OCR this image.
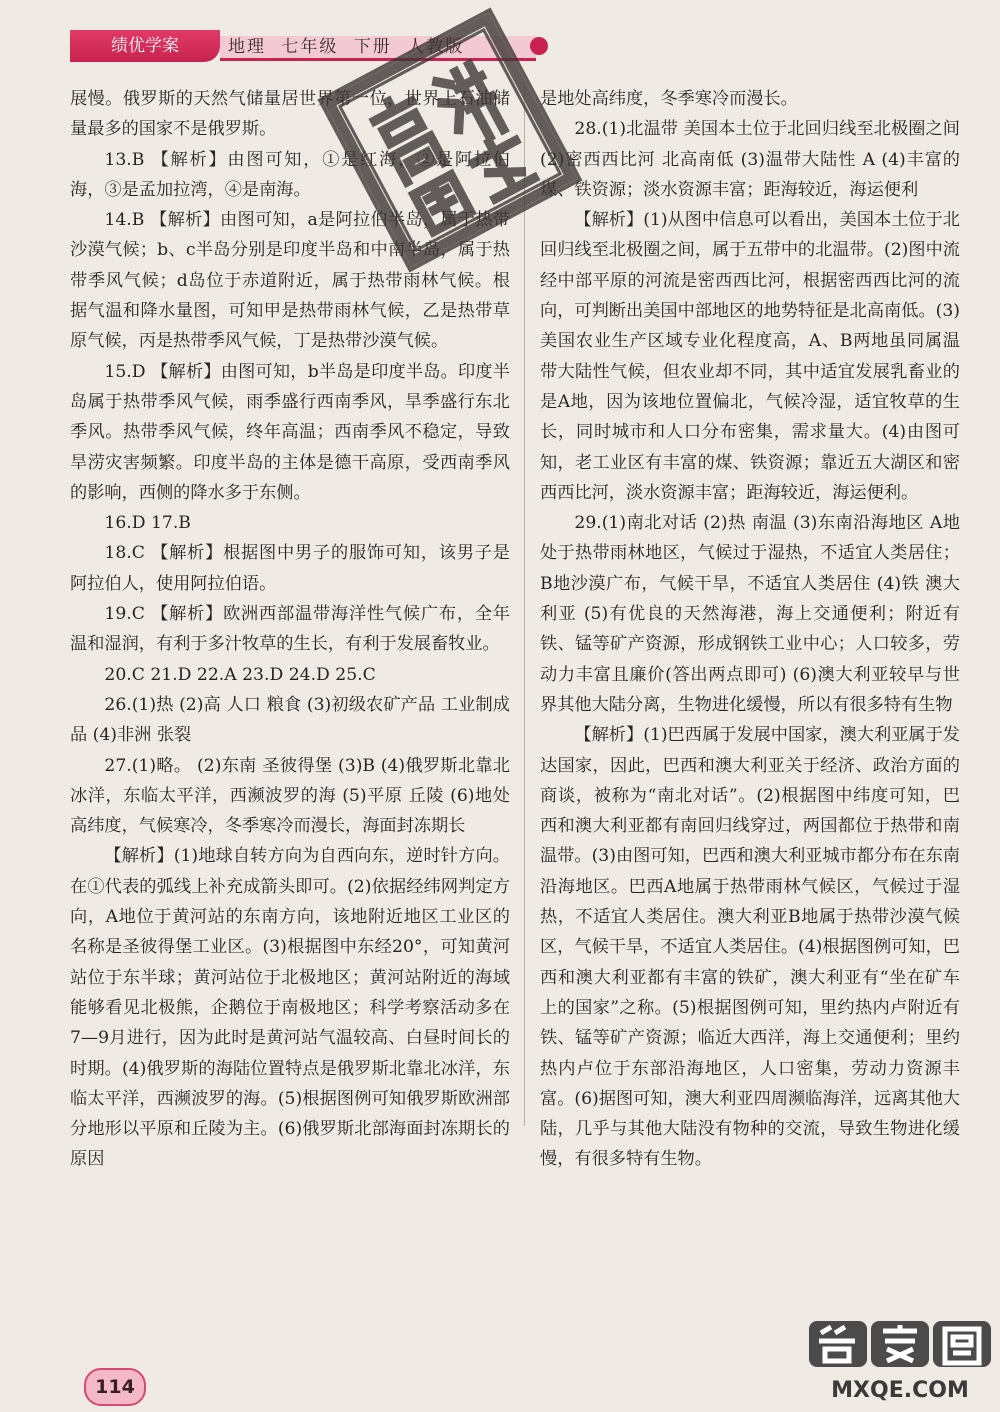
绩优学案	地理 七年级 下册 人教版

展慢。俄罗斯的天然气储量居世界第一位，世界上石油储量最多的国家不是俄罗斯。

13.B 【解析】由图可知，①是红海，②是阿拉伯海，③是孟加拉湾，④是南海。

14.B 【解析】由图可知，a是阿拉伯半岛，属于热带沙漠气候；b、c半岛分别是印度半岛和中南半岛，属于热带季风气候；d岛位于赤道附近，属于热带雨林气候。根据气温和降水量图，可知甲是热带雨林气候，乙是热带草原气候，丙是热带季风气候，丁是热带沙漠气候。

15.D 【解析】由图可知，b半岛是印度半岛。印度半岛属于热带季风气候，雨季盛行西南季风，旱季盛行东北季风。热带季风气候，终年高温；西南季风不稳定，导致旱涝灾害频繁。印度半岛的主体是德干高原，受西南季风的影响，西侧的降水多于东侧。

16.D 17.B

18.C 【解析】根据图中男子的服饰可知，该男子是阿拉伯人，使用阿拉伯语。

19.C 【解析】欧洲西部温带海洋性气候广布，全年温和湿润，有利于多汁牧草的生长，有利于发展畜牧业。

20.C 21.D 22.A 23.D 24.D 25.C

26.(1)热 (2)高 人口 粮食 (3)初级农矿产品 工业制成品 (4)非洲 张裂

27.(1)略。 (2)东南 圣彼得堡 (3)B (4)俄罗斯北靠北冰洋，东临太平洋，西濒波罗的海 (5)平原 丘陵 (6)地处高纬度，气候寒冷，冬季寒冷而漫长，海面封冻期长

【解析】(1)地球自转方向为自西向东，逆时针方向。在①代表的弧线上补充成箭头即可。(2)依据经纬网判定方向，A地位于黄河站的东南方向，该地附近地区工业区的名称是圣彼得堡工业区。(3)根据图中东经20°，可知黄河站位于东半球；黄河站位于北极地区；黄河站附近的海域能够看见北极熊，企鹅位于南极地区；科学考察活动多在7—9月进行，因为此时是黄河站气温较高、白昼时间长的时期。(4)俄罗斯的海陆位置特点是俄罗斯北靠北冰洋，东临太平洋，西濒波罗的海。(5)根据图例可知俄罗斯欧洲部分地形以平原和丘陵为主。(6)俄罗斯北部海面封冻期长的原因

是地处高纬度，冬季寒冷而漫长。

28.(1)北温带 美国本土位于北回归线至北极圈之间 (2)密西西比河 北高南低 (3)温带大陆性 A (4)丰富的煤、铁资源；淡水资源丰富；距海较近，海运便利

【解析】(1)从图中信息可以看出，美国本土位于北回归线至北极圈之间，属于五带中的北温带。(2)图中流经中部平原的河流是密西西比河，根据密西西比河的流向，可判断出美国中部地区的地势特征是北高南低。(3)美国农业生产区域专业化程度高，A、B两地虽同属温带大陆性气候，但农业却不同，其中适宜发展乳畜业的是A地，因为该地位置偏北，气候冷湿，适宜牧草的生长，同时城市和人口分布密集，需求量大。(4)由图可知，老工业区有丰富的煤、铁资源；靠近五大湖区和密西西比河，淡水资源丰富；距海较近，海运便利。

29.(1)南北对话 (2)热 南温 (3)东南沿海地区 A地处于热带雨林地区，气候过于湿热，不适宜人类居住；B地沙漠广布，气候干旱，不适宜人类居住 (4)铁 澳大利亚 (5)有优良的天然海港，海上交通便利；附近有铁、锰等矿产资源，形成钢铁工业中心；人口较多，劳动力丰富且廉价(答出两点即可) (6)澳大利亚较早与世界其他大陆分离，生物进化缓慢，所以有很多特有生物

【解析】(1)巴西属于发展中国家，澳大利亚属于发达国家，因此，巴西和澳大利亚关于经济、政治方面的商谈，被称为“南北对话”。(2)根据图中纬度可知，巴西和澳大利亚都有南回归线穿过，两国都位于热带和南温带。(3)由图可知，巴西和澳大利亚城市都分布在东南沿海地区。巴西A地属于热带雨林气候区，气候过于湿热，不适宜人类居住。澳大利亚B地属于热带沙漠气候区，气候干旱，不适宜人类居住。(4)根据图例可知，巴西和澳大利亚都有丰富的铁矿，澳大利亚有“坐在矿车上的国家”之称。(5)根据图例可知，里约热内卢附近有铁、锰等矿产资源；临近大西洋，海上交通便利；里约热内卢位于东部沿海地区，人口密集，劳动力资源丰富。(6)据图可知，澳大利亚四周濒临海洋，远离其他大陆，几乎与其他大陆没有物种的交流，导致生物进化缓慢，有很多特有生物。

114	MXQE.COM
